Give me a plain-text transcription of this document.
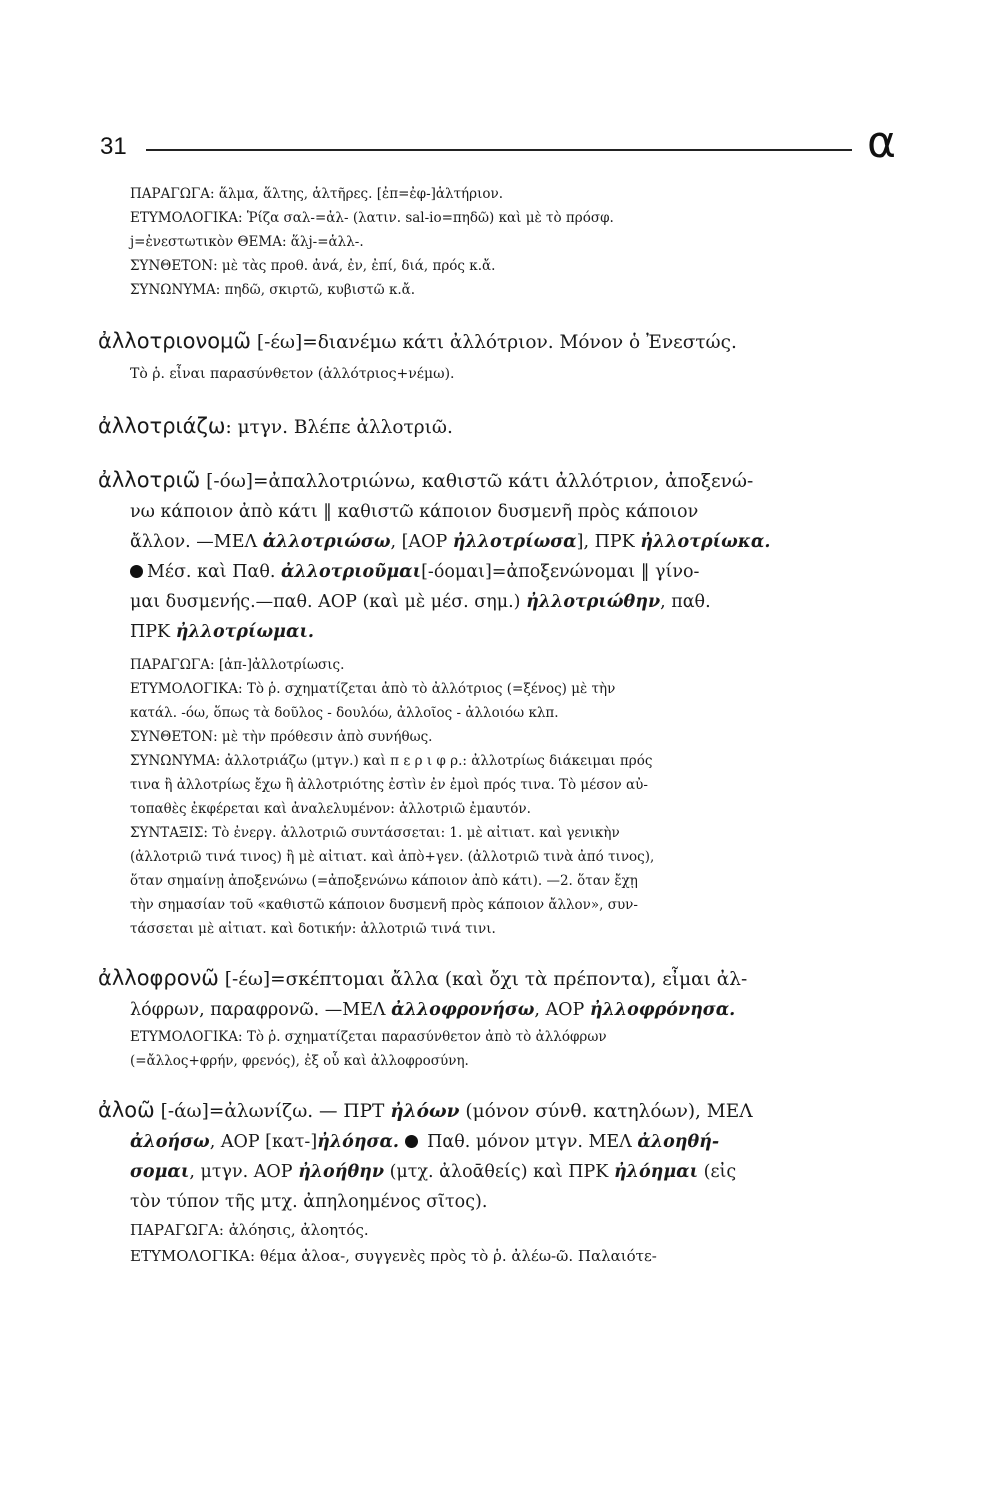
31	α

ΠΑΡΑΓΩΓΑ: ἅλμα, ἅλτης, ἁλτῆρες. [ἐπ=ἐφ-]ἁλτήριον.

ΕΤΥΜΟΛΟΓΙΚΑ: Ῥίζα σαλ-=ἀλ- (λατιν. sal-io=πηδῶ) καὶ μὲ τὸ πρόσφ.

j=ἐνεστωτικὸν ΘΕΜΑ: ἅλj-=ἁλλ-.

ΣΥΝΘΕΤΟΝ: μὲ τὰς προθ. ἀνά, ἐν, ἐπί, διά, πρός κ.ἄ.

ΣΥΝΩΝΥΜΑ: πηδῶ, σκιρτῶ, κυβιστῶ κ.ἄ.

ἀλλοτριονομῶ [-έω]=διανέμω κάτι ἀλλότριον. Μόνον ὁ Ἐνεστώς.

Τὸ ῥ. εἶναι παρασύνθετον (ἀλλότριος+νέμω).

ἀλλοτριάζω: μτγν. Βλέπε ἀλλοτριῶ.

ἀλλοτριῶ [-όω]=ἀπαλλοτριώνω, καθιστῶ κάτι ἀλλότριον, ἀποξενώ-

νω κάποιον ἀπὸ κάτι ‖ καθιστῶ κάποιον δυσμενῆ πρὸς κάποιον

ἄλλον. —ΜΕΛ ἀλλοτριώσω, [ΑΟΡ ἠλλοτρίωσα], ΠΡΚ ἠλλοτρίωκα.

Μέσ. καὶ Παθ. ἀλλοτριοῦμαι[-όομαι]=ἀποξενώνομαι ‖ γίνο-

μαι δυσμενής.—παθ. ΑΟΡ (καὶ μὲ μέσ. σημ.) ἠλλοτριώθην, παθ.

ΠΡΚ ἠλλοτρίωμαι.

ΠΑΡΑΓΩΓΑ: [ἀπ-]ἀλλοτρίωσις.

ΕΤΥΜΟΛΟΓΙΚΑ: Τὸ ῥ. σχηματίζεται ἀπὸ τὸ ἀλλότριος (=ξένος) μὲ τὴν

κατάλ. -όω, ὅπως τὰ δοῦλος - δουλόω, ἀλλοῖος - ἀλλοιόω κλπ.

ΣΥΝΘΕΤΟΝ: μὲ τὴν πρόθεσιν ἀπὸ συνήθως.

ΣΥΝΩΝΥΜΑ: ἀλλοτριάζω (μτγν.) καὶ π ε ρ ι φ ρ.: ἀλλοτρίως διάκειμαι πρός

τινα ἢ ἀλλοτρίως ἔχω ἢ ἀλλοτριότης ἐστὶν ἐν ἐμοὶ πρός τινα. Τὸ μέσον αὐ-

τοπαθὲς ἐκφέρεται καὶ ἀναλελυμένον: ἀλλοτριῶ ἐμαυτόν.

ΣΥΝΤΑΞΙΣ: Τὸ ἐνεργ. ἀλλοτριῶ συντάσσεται: 1. μὲ αἰτιατ. καὶ γενικὴν

(ἀλλοτριῶ τινά τινος) ἢ μὲ αἰτιατ. καὶ ἀπὸ+γεν. (ἀλλοτριῶ τινὰ ἀπό τινος),

ὅταν σημαίνῃ ἀποξενώνω (=ἀποξενώνω κάποιον ἀπὸ κάτι). —2. ὅταν ἔχῃ

τὴν σημασίαν τοῦ «καθιστῶ κάποιον δυσμενῆ πρὸς κάποιον ἄλλον», συν-

τάσσεται μὲ αἰτιατ. καὶ δοτικήν: ἀλλοτριῶ τινά τινι.

ἀλλοφρονῶ [-έω]=σκέπτομαι ἄλλα (καὶ ὄχι τὰ πρέποντα), εἶμαι ἀλ-

λόφρων, παραφρονῶ. —ΜΕΛ ἀλλοφρονήσω, ΑΟΡ ἠλλοφρόνησα.

ΕΤΥΜΟΛΟΓΙΚΑ: Τὸ ῥ. σχηματίζεται παρασύνθετον ἀπὸ τὸ ἀλλόφρων

(=ἄλλος+φρήν, φρενός), ἐξ οὗ καὶ ἀλλοφροσύνη.

ἀλοῶ [-άω]=ἀλωνίζω. — ΠΡΤ ἠλόων (μόνον σύνθ. κατηλόων), ΜΕΛ

ἀλοήσω, ΑΟΡ [κατ-]ἠλόησα.  Παθ. μόνον μτγν. ΜΕΛ ἀλοηθή-

σομαι, μτγν. ΑΟΡ ἠλοήθην (μτχ. ἀλοᾱθείς) καὶ ΠΡΚ ἠλόημαι (εἰς

τὸν τύπον τῆς μτχ. ἀπηλοημένος σῖτος).

ΠΑΡΑΓΩΓΑ: ἀλόησις, ἀλοητός.

ΕΤΥΜΟΛΟΓΙΚΑ: θέμα ἀλοα-, συγγενὲς πρὸς τὸ ῥ. ἀλέω-ῶ. Παλαιότε-
